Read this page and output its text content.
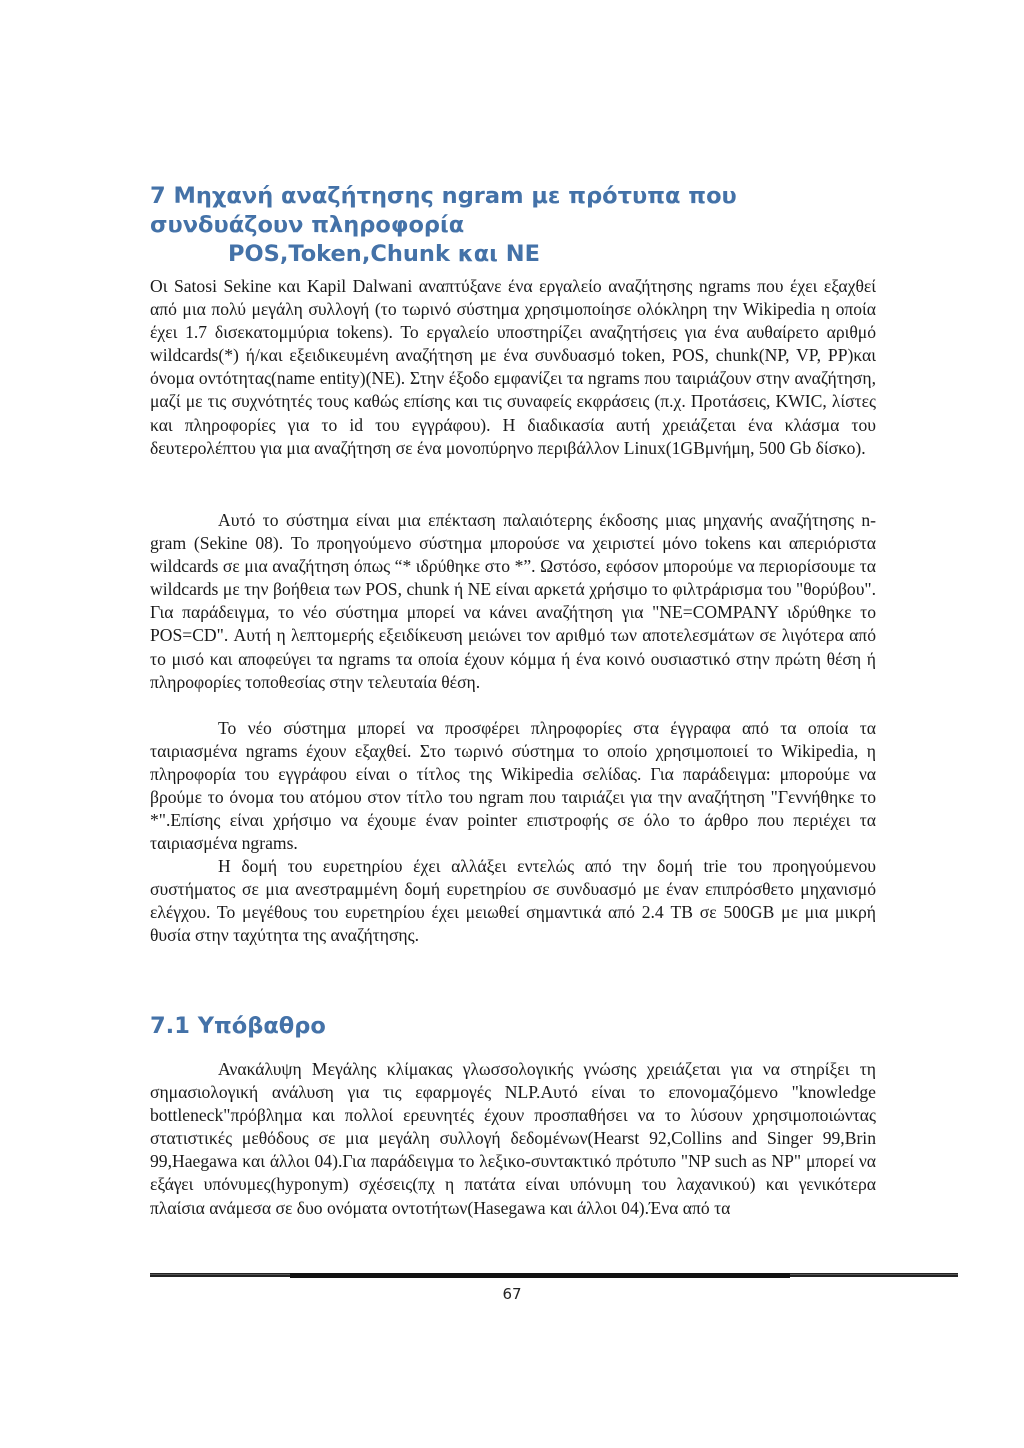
7 Μηχανή αναζήτησης ngram με πρότυπα που συνδυάζουν πληροφορία
POS,Token,Chunk και NE

Οι Satosi Sekine και Kapil Dalwani αναπτύξανε ένα εργαλείο αναζήτησης ngrams που έχει εξαχθεί από μια πολύ μεγάλη συλλογή (το τωρινό σύστημα χρησιμοποίησε ολόκληρη την Wikipedia η οποία έχει 1.7 δισεκατομμύρια tokens). Το εργαλείο υποστηρίζει αναζητήσεις για ένα αυθαίρετο αριθμό wildcards(*) ή/και εξειδικευμένη αναζήτηση με ένα συνδυασμό token, POS, chunk(NP, VP, PP)και όνομα οντότητας(name entity)(NE). Στην έξοδο εμφανίζει τα ngrams που ταιριάζουν στην αναζήτηση, μαζί με τις συχνότητές τους καθώς επίσης και τις συναφείς εκφράσεις (π.χ. Προτάσεις, KWIC, λίστες και πληροφορίες για το id του εγγράφου). Η διαδικασία αυτή χρειάζεται ένα κλάσμα του δευτερολέπτου για μια αναζήτηση σε ένα μονοπύρηνο περιβάλλον Linux(1GBμνήμη, 500 Gb δίσκο).

Αυτό το σύστημα είναι μια επέκταση παλαιότερης έκδοσης μιας μηχανής αναζήτησης n-gram (Sekine 08). Το προηγούμενο σύστημα μπορούσε να χειριστεί μόνο tokens και απεριόριστα wildcards σε μια αναζήτηση όπως “* ιδρύθηκε στο *”. Ωστόσο, εφόσον μπορούμε να περιορίσουμε τα wildcards με την βοήθεια των POS, chunk ή NE είναι αρκετά χρήσιμο το φιλτράρισμα του "θορύβου". Για παράδειγμα, το νέο σύστημα μπορεί να κάνει αναζήτηση για "NE=COMPANY ιδρύθηκε το POS=CD". Αυτή η λεπτομερής εξειδίκευση μειώνει τον αριθμό των αποτελεσμάτων σε λιγότερα από το μισό και αποφεύγει τα ngrams τα οποία έχουν κόμμα ή ένα κοινό ουσιαστικό στην πρώτη θέση ή πληροφορίες τοποθεσίας στην τελευταία θέση.

Το νέο σύστημα μπορεί να προσφέρει πληροφορίες στα έγγραφα από τα οποία τα ταιριασμένα ngrams έχουν εξαχθεί. Στο τωρινό σύστημα το οποίο χρησιμοποιεί το Wikipedia, η πληροφορία του εγγράφου είναι ο τίτλος της Wikipedia σελίδας. Για παράδειγμα: μπορούμε να βρούμε το όνομα του ατόμου στον τίτλο του ngram που ταιριάζει για την αναζήτηση "Γεννήθηκε το *".Επίσης είναι χρήσιμο να έχουμε έναν pointer επιστροφής σε όλο το άρθρο που περιέχει τα ταιριασμένα ngrams.

Η δομή του ευρετηρίου έχει αλλάξει εντελώς από την δομή trie του προηγούμενου συστήματος σε μια ανεστραμμένη δομή ευρετηρίου σε συνδυασμό με έναν επιπρόσθετο μηχανισμό ελέγχου. Το μεγέθους του ευρετηρίου έχει μειωθεί σημαντικά από 2.4 TB σε 500GB με μια μικρή θυσία στην ταχύτητα της αναζήτησης.

7.1 Υπόβαθρο

Ανακάλυψη Μεγάλης κλίμακας γλωσσολογικής γνώσης χρειάζεται για να στηρίξει τη σημασιολογική ανάλυση για τις εφαρμογές NLP.Αυτό είναι το επονομαζόμενο "knowledge bottleneck"πρόβλημα και πολλοί ερευνητές έχουν προσπαθήσει να το λύσουν χρησιμοποιώντας στατιστικές μεθόδους σε μια μεγάλη συλλογή δεδομένων(Hearst 92,Collins and Singer 99,Brin 99,Haegawa και άλλοι 04).Για παράδειγμα το λεξικο-συντακτικό πρότυπο "NP such as NP" μπορεί να εξάγει υπόνυμες(hyponym) σχέσεις(πχ η πατάτα είναι υπόνυμη του λαχανικού) και γενικότερα πλαίσια ανάμεσα σε δυο ονόματα οντοτήτων(Hasegawa και άλλοι 04).Ένα από τα

67
